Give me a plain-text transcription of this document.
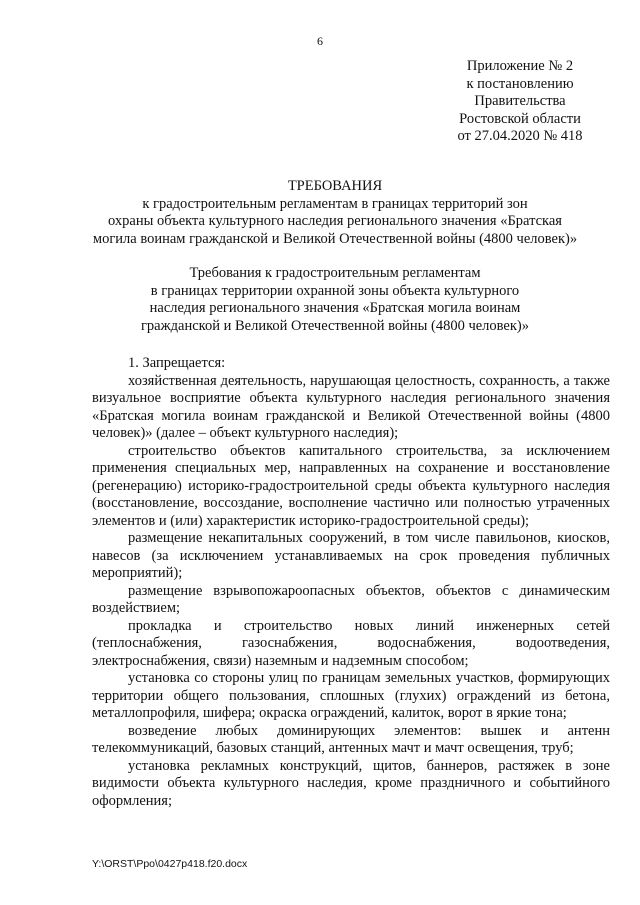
6
Приложение № 2
к постановлению
Правительства
Ростовской области
от 27.04.2020 № 418
ТРЕБОВАНИЯ
к градостроительным регламентам в границах территорий зон
охраны объекта культурного наследия регионального значения «Братская
могила воинам гражданской и Великой Отечественной войны (4800 человек)»
Требования к градостроительным регламентам
в границах территории охранной зоны объекта культурного
наследия регионального значения «Братская могила воинам
гражданской и Великой Отечественной войны (4800 человек)»

1. Запрещается:

хозяйственная деятельность, нарушающая целостность, сохранность, а также визуальное восприятие объекта культурного наследия регионального значения «Братская могила воинам гражданской и Великой Отечественной войны (4800 человек)» (далее – объект культурного наследия);

строительство объектов капитального строительства, за исключением применения специальных мер, направленных на сохранение и восстановление (регенерацию) историко-градостроительной среды объекта культурного наследия (восстановление, воссоздание, восполнение частично или полностью утраченных элементов и (или) характеристик историко-градостроительной среды);

размещение некапитальных сооружений, в том числе павильонов, киосков, навесов (за исключением устанавливаемых на срок проведения публичных мероприятий);

размещение взрывопожароопасных объектов, объектов с динамическим воздействием;

прокладка и строительство новых линий инженерных сетей (теплоснабжения, газоснабжения, водоснабжения, водоотведения, электроснабжения, связи) наземным и надземным способом;

установка со стороны улиц по границам земельных участков, формирующих территории общего пользования, сплошных (глухих) ограждений из бетона, металлопрофиля, шифера; окраска ограждений, калиток, ворот в яркие тона;

возведение любых доминирующих элементов: вышек и антенн телекоммуникаций, базовых станций, антенных мачт и мачт освещения, труб;

установка рекламных конструкций, щитов, баннеров, растяжек в зоне видимости объекта культурного наследия, кроме праздничного и событийного оформления;

Y:\ORST\Ppo\0427p418.f20.docx
